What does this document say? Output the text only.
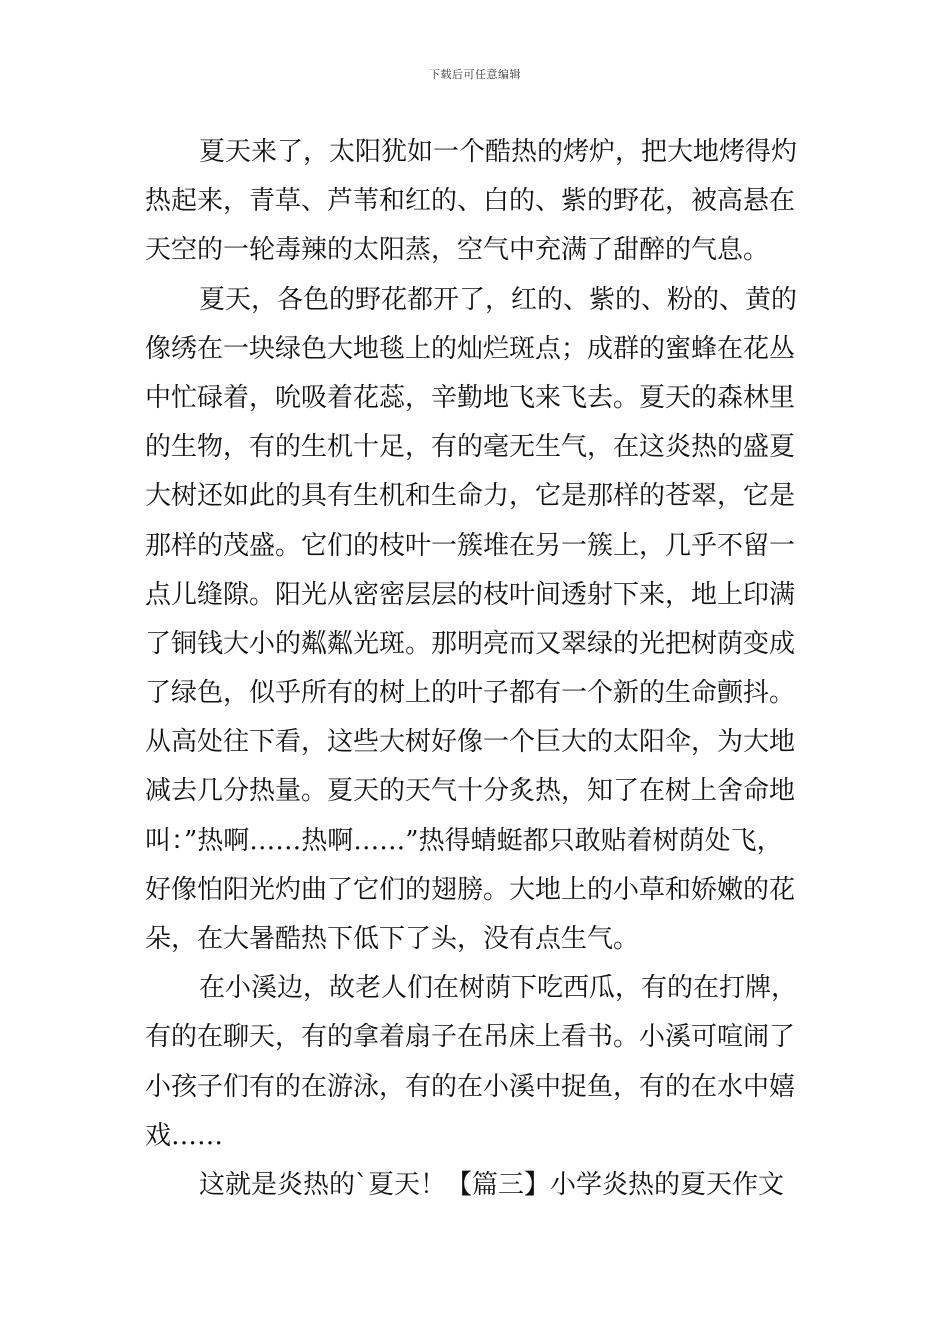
下载后可任意编辑
夏天来了，太阳犹如一个酷热的烤炉，把大地烤得灼
热起来，青草、芦苇和红的、白的、紫的野花，被高悬在
天空的一轮毒辣的太阳蒸，空气中充满了甜醉的气息。
夏天，各色的野花都开了，红的、紫的、粉的、黄的
像绣在一块绿色大地毯上的灿烂斑点；成群的蜜蜂在花丛
中忙碌着，吮吸着花蕊，辛勤地飞来飞去。夏天的森林里
的生物，有的生机十足，有的毫无生气，在这炎热的盛夏
大树还如此的具有生机和生命力，它是那样的苍翠，它是
那样的茂盛。它们的枝叶一簇堆在另一簇上，几乎不留一
点儿缝隙。阳光从密密层层的枝叶间透射下来，地上印满
了铜钱大小的粼粼光斑。那明亮而又翠绿的光把树荫变成
了绿色，似乎所有的树上的叶子都有一个新的生命颤抖。
从高处往下看，这些大树好像一个巨大的太阳伞，为大地
减去几分热量。夏天的天气十分炙热，知了在树上舍命地
叫：”热啊……热啊……”热得蜻蜓都只敢贴着树荫处飞，
好像怕阳光灼曲了它们的翅膀。大地上的小草和娇嫩的花
朵，在大暑酷热下低下了头，没有点生气。
在小溪边，故老人们在树荫下吃西瓜，有的在打牌，
有的在聊天，有的拿着扇子在吊床上看书。小溪可喧闹了
小孩子们有的在游泳，有的在小溪中捉鱼，有的在水中嬉
戏……
这就是炎热的`夏天！【篇三】小学炎热的夏天作文
